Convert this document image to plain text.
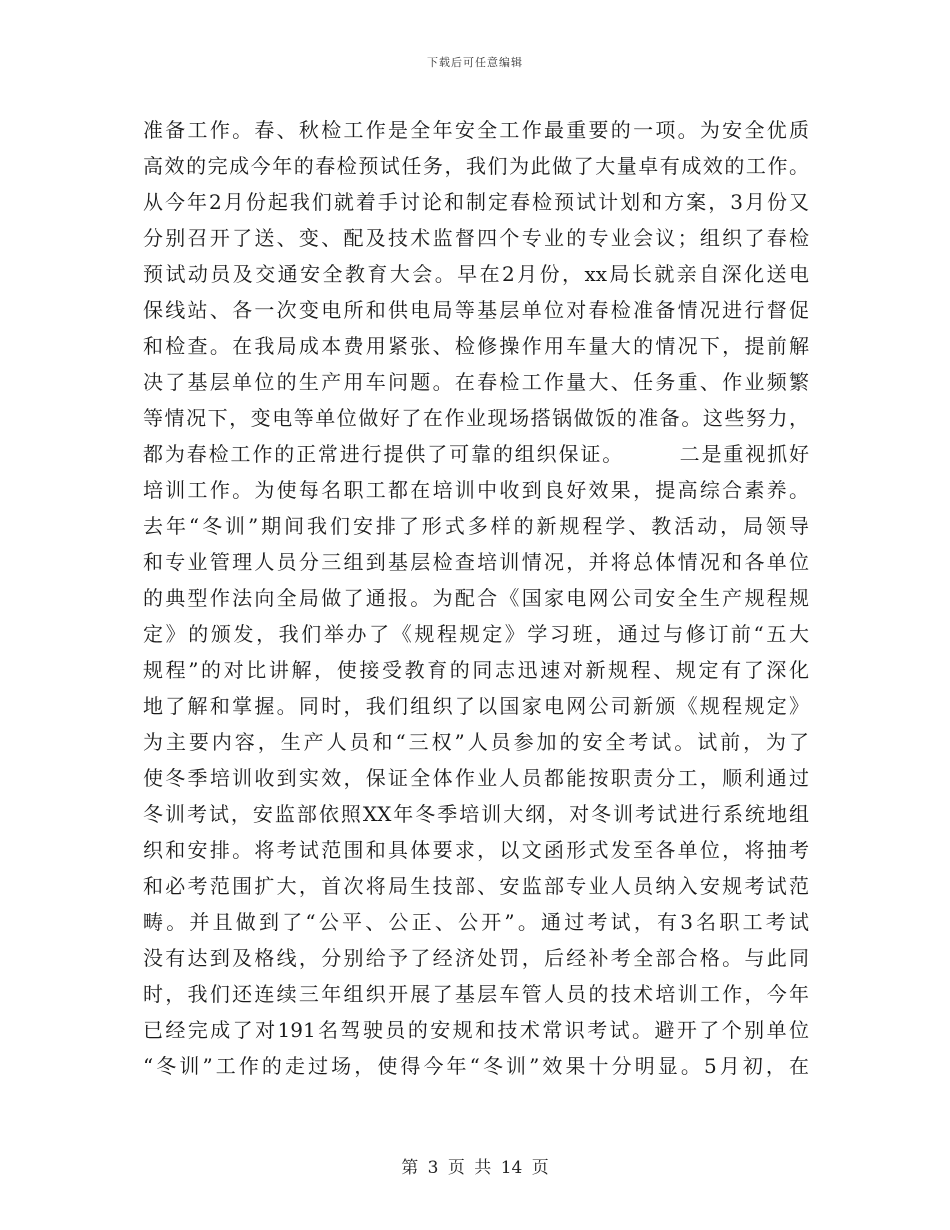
下载后可任意编辑
准备工作。春、秋检工作是全年安全工作最重要的一项。为安全优质
高效的完成今年的春检预试任务，我们为此做了大量卓有成效的工作。
从今年2月份起我们就着手讨论和制定春检预试计划和方案，3月份又
分别召开了送、变、配及技术监督四个专业的专业会议；组织了春检
预试动员及交通安全教育大会。早在2月份，xx局长就亲自深化送电
保线站、各一次变电所和供电局等基层单位对春检准备情况进行督促
和检查。在我局成本费用紧张、检修操作用车量大的情况下，提前解
决了基层单位的生产用车问题。在春检工作量大、任务重、作业频繁
等情况下，变电等单位做好了在作业现场搭锅做饭的准备。这些努力，
都为春检工作的正常进行提供了可靠的组织保证。　　　二是重视抓好
培训工作。为使每名职工都在培训中收到良好效果，提高综合素养。
去年“冬训”期间我们安排了形式多样的新规程学、教活动，局领导
和专业管理人员分三组到基层检查培训情况，并将总体情况和各单位
的典型作法向全局做了通报。为配合《国家电网公司安全生产规程规
定》的颁发，我们举办了《规程规定》学习班，通过与修订前“五大
规程”的对比讲解，使接受教育的同志迅速对新规程、规定有了深化
地了解和掌握。同时，我们组织了以国家电网公司新颁《规程规定》
为主要内容，生产人员和“三权”人员参加的安全考试。试前，为了
使冬季培训收到实效，保证全体作业人员都能按职责分工，顺利通过
冬训考试，安监部依照XX年冬季培训大纲，对冬训考试进行系统地组
织和安排。将考试范围和具体要求，以文函形式发至各单位，将抽考
和必考范围扩大，首次将局生技部、安监部专业人员纳入安规考试范
畴。并且做到了“公平、公正、公开”。通过考试，有3名职工考试
没有达到及格线，分别给予了经济处罚，后经补考全部合格。与此同
时，我们还连续三年组织开展了基层车管人员的技术培训工作，今年
已经完成了对191名驾驶员的安规和技术常识考试。避开了个别单位
“冬训”工作的走过场，使得今年“冬训”效果十分明显。5月初，在
第 3 页 共 14 页
